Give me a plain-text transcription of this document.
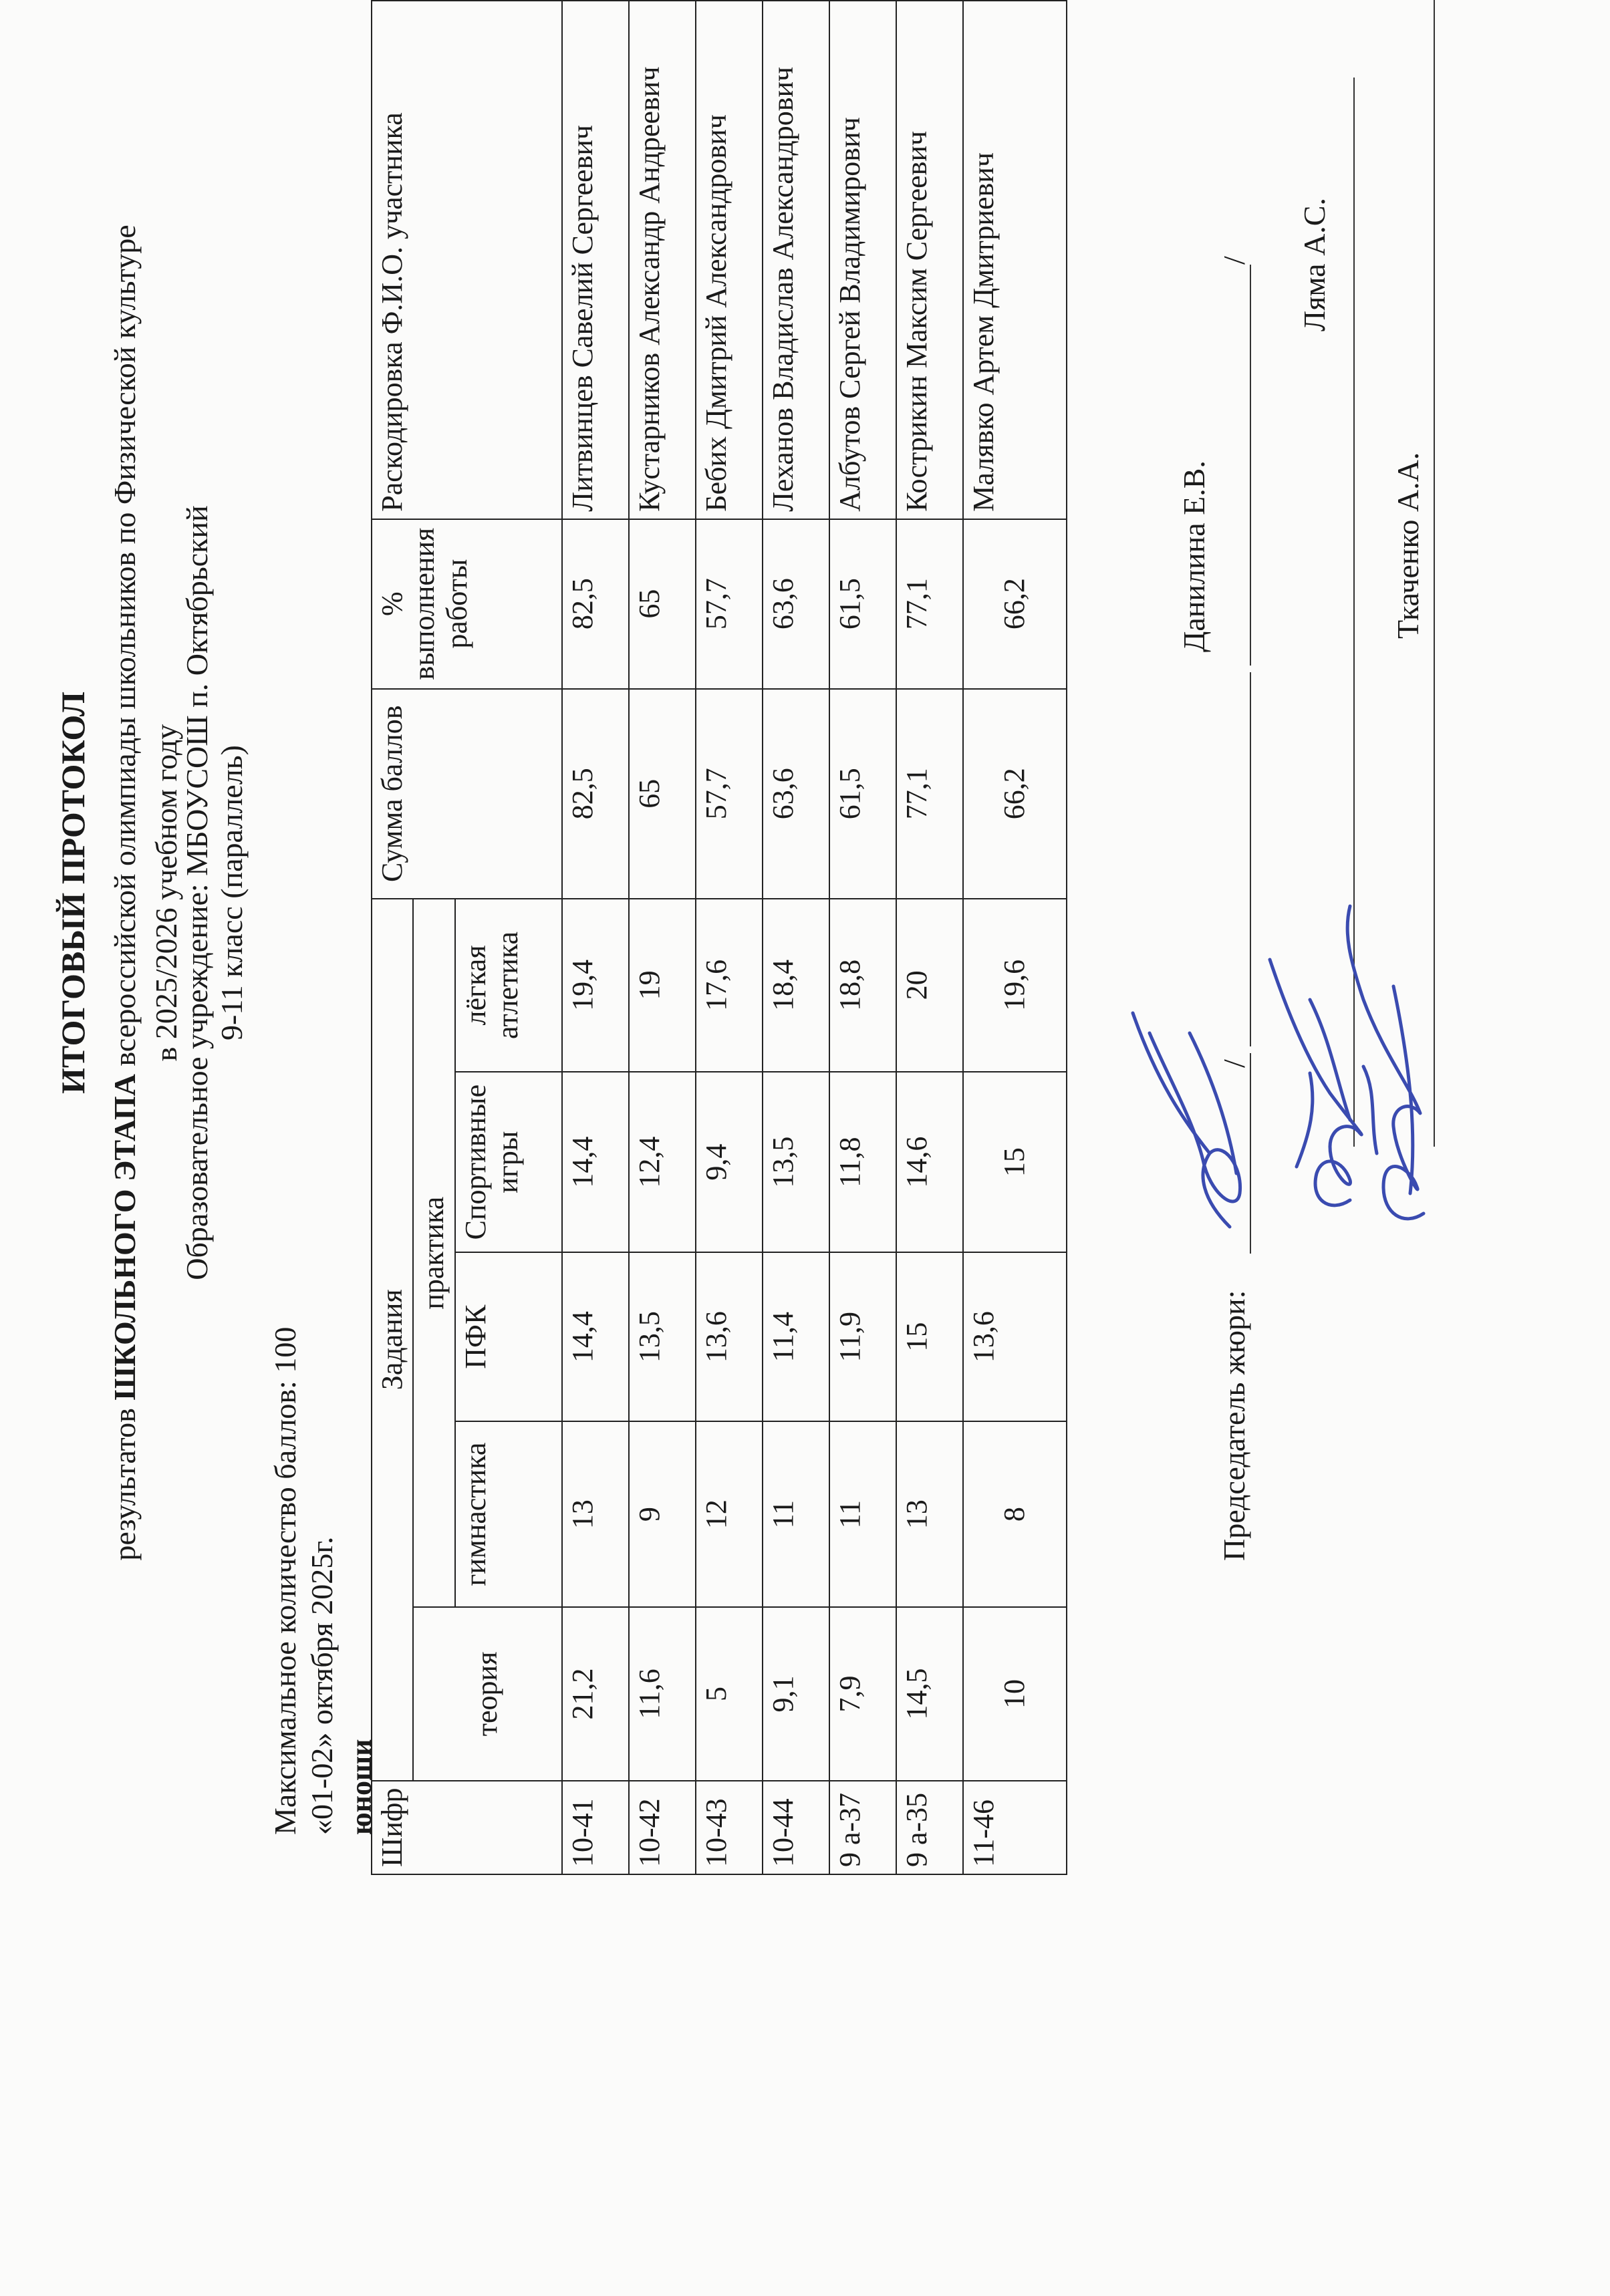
ИТОГОВЫЙ ПРОТОКОЛ
результатов ШКОЛЬНОГО ЭТАПА всероссийской олимпиады школьников по Физической культуре в 2025/2026 учебном году
Образовательное учреждение: МБОУСОШ п. Октябрьский 9-11 класс (параллель)
Максимальное количество баллов: 100 «01-02» октября 2025г. юноши
Шифр	Задания					Сумма баллов	% выполнения работы	Раскодировка Ф.И.О. участника
	теория	практика						
		гимнастика	ПФК	Спортивные игры	лёгкая атлетика			
10-41	21,2	13	14,4	14,4	19,4	82,5	82,5	Литвинцев Савелий Сергеевич
10-42	11,6	9	13,5	12,4	19	65	65	Кустарников Александр Андреевич
10-43	5	12	13,6	9,4	17,6	57,7	57,7	Бебих Дмитрий Александрович
10-44	9,1	11	11,4	13,5	18,4	63,6	63,6	Леханов Владислав Александрович
9 а-37	7,9	11	11,9	11,8	18,8	61,5	61,5	Албутов Сергей Владимирович
9 а-35	14,5	13	15	14,6	20	77,1	77,1	Кострикин Максим Сергеевич
11-46	10	8	13,6	15	19,6	66,2	66,2	Малявко Артем Дмитриевич
Председатель жюри:
/
Данилина Е.В.
/ Ляма А.С.
Ткаченко А.А.
